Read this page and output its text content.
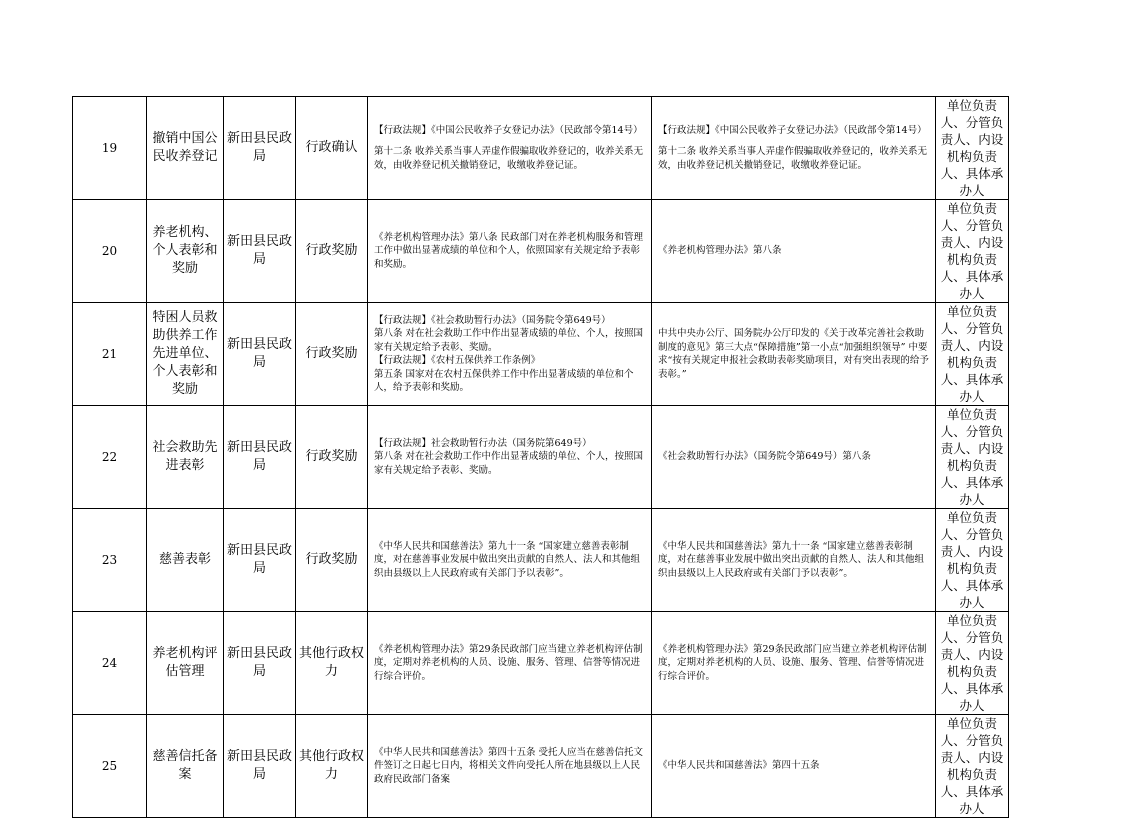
19	撤销中国公民收养登记	新田县民政局	行政确认	【行政法规】《中国公民收养子女登记办法》（民政部令第14号）
第十二条 收养关系当事人弄虚作假骗取收养登记的，收养关系无效，由收养登记机关撤销登记，收缴收养登记证。	【行政法规】《中国公民收养子女登记办法》（民政部令第14号）
第十二条 收养关系当事人弄虚作假骗取收养登记的，收养关系无效，由收养登记机关撤销登记，收缴收养登记证。	单位负责人、分管负责人、内设机构负责人、具体承办人
20	养老机构、个人表彰和奖励	新田县民政局	行政奖励	《养老机构管理办法》第八条 民政部门对在养老机构服务和管理工作中做出显著成绩的单位和个人，依照国家有关规定给予表彰和奖励。	《养老机构管理办法》第八条	单位负责人、分管负责人、内设机构负责人、具体承办人
21	特困人员救助供养工作先进单位、个人表彰和奖励	新田县民政局	行政奖励	【行政法规】《社会救助暂行办法》（国务院令第649号）
第八条 对在社会救助工作中作出显著成绩的单位、个人，按照国家有关规定给予表彰、奖励。
【行政法规】《农村五保供养工作条例》
第五条 国家对在农村五保供养工作中作出显著成绩的单位和个人，给予表彰和奖励。	中共中央办公厅、国务院办公厅印发的《关于改革完善社会救助制度的意见》第三大点“保障措施”第一小点“加强组织领导” 中要求“按有关规定申报社会救助表彰奖励项目，对有突出表现的给予表彰。”	单位负责人、分管负责人、内设机构负责人、具体承办人
22	社会救助先进表彰	新田县民政局	行政奖励	【行政法规】社会救助暂行办法（国务院第649号）
第八条 对在社会救助工作中作出显著成绩的单位、个人，按照国家有关规定给予表彰、奖励。	《社会救助暂行办法》（国务院令第649号）第八条	单位负责人、分管负责人、内设机构负责人、具体承办人
23	慈善表彰	新田县民政局	行政奖励	《中华人民共和国慈善法》第九十一条 “国家建立慈善表彰制度，对在慈善事业发展中做出突出贡献的自然人、法人和其他组织由县级以上人民政府或有关部门予以表彰”。	《中华人民共和国慈善法》第九十一条 “国家建立慈善表彰制度，对在慈善事业发展中做出突出贡献的自然人、法人和其他组织由县级以上人民政府或有关部门予以表彰”。	单位负责人、分管负责人、内设机构负责人、具体承办人
24	养老机构评估管理	新田县民政局	其他行政权力	《养老机构管理办法》第29条民政部门应当建立养老机构评估制度，定期对养老机构的人员、设施、服务、管理、信誉等情况进行综合评价。	《养老机构管理办法》第29条民政部门应当建立养老机构评估制度，定期对养老机构的人员、设施、服务、管理、信誉等情况进行综合评价。	单位负责人、分管负责人、内设机构负责人、具体承办人
25	慈善信托备案	新田县民政局	其他行政权力	《中华人民共和国慈善法》第四十五条 受托人应当在慈善信托文件签订之日起七日内，将相关文件向受托人所在地县级以上人民政府民政部门备案	《中华人民共和国慈善法》第四十五条	单位负责人、分管负责人、内设机构负责人、具体承办人
